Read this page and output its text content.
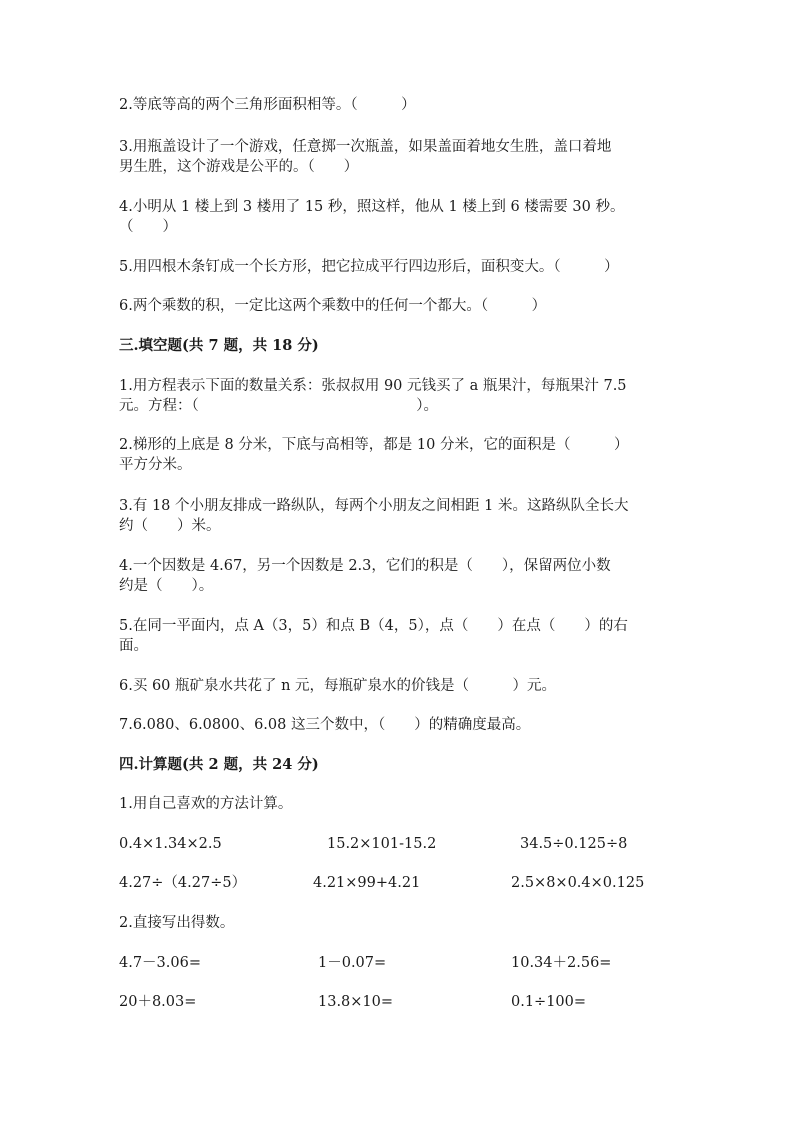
2.等底等高的两个三角形面积相等。（　　　）
3.用瓶盖设计了一个游戏，任意掷一次瓶盖，如果盖面着地女生胜，盖口着地
男生胜，这个游戏是公平的。（　　）
4.小明从 1 楼上到 3 楼用了 15 秒，照这样，他从 1 楼上到 6 楼需要 30 秒。
（　　）
5.用四根木条钉成一个长方形，把它拉成平行四边形后，面积变大。（　　　）
6.两个乘数的积，一定比这两个乘数中的任何一个都大。（　　　）
三.填空题(共 7 题，共 18 分)
1.用方程表示下面的数量关系：张叔叔用 90 元钱买了 a 瓶果汁，每瓶果汁 7.5
元。方程：（　　　　　　　　　　　　　　　）。
2.梯形的上底是 8 分米，下底与高相等，都是 10 分米，它的面积是（　　　）
平方分米。
3.有 18 个小朋友排成一路纵队，每两个小朋友之间相距 1 米。这路纵队全长大
约（　　）米。
4.一个因数是 4.67，另一个因数是 2.3，它们的积是（　　），保留两位小数
约是（　　）。
5.在同一平面内，点 A（3，5）和点 B（4，5），点（　　）在点（　　）的右
面。
6.买 60 瓶矿泉水共花了 n 元，每瓶矿泉水的价钱是（　　　）元。
7.6.080、6.0800、6.08 这三个数中，（　　）的精确度最高。
四.计算题(共 2 题，共 24 分)
1.用自己喜欢的方法计算。
0.4×1.34×2.5	15.2×101-15.2	34.5÷0.125÷8
4.27÷（4.27÷5）	4.21×99+4.21	2.5×8×0.4×0.125
2.直接写出得数。
4.7－3.06=	1－0.07=	10.34＋2.56=
20＋8.03=	13.8×10=	0.1÷100=
